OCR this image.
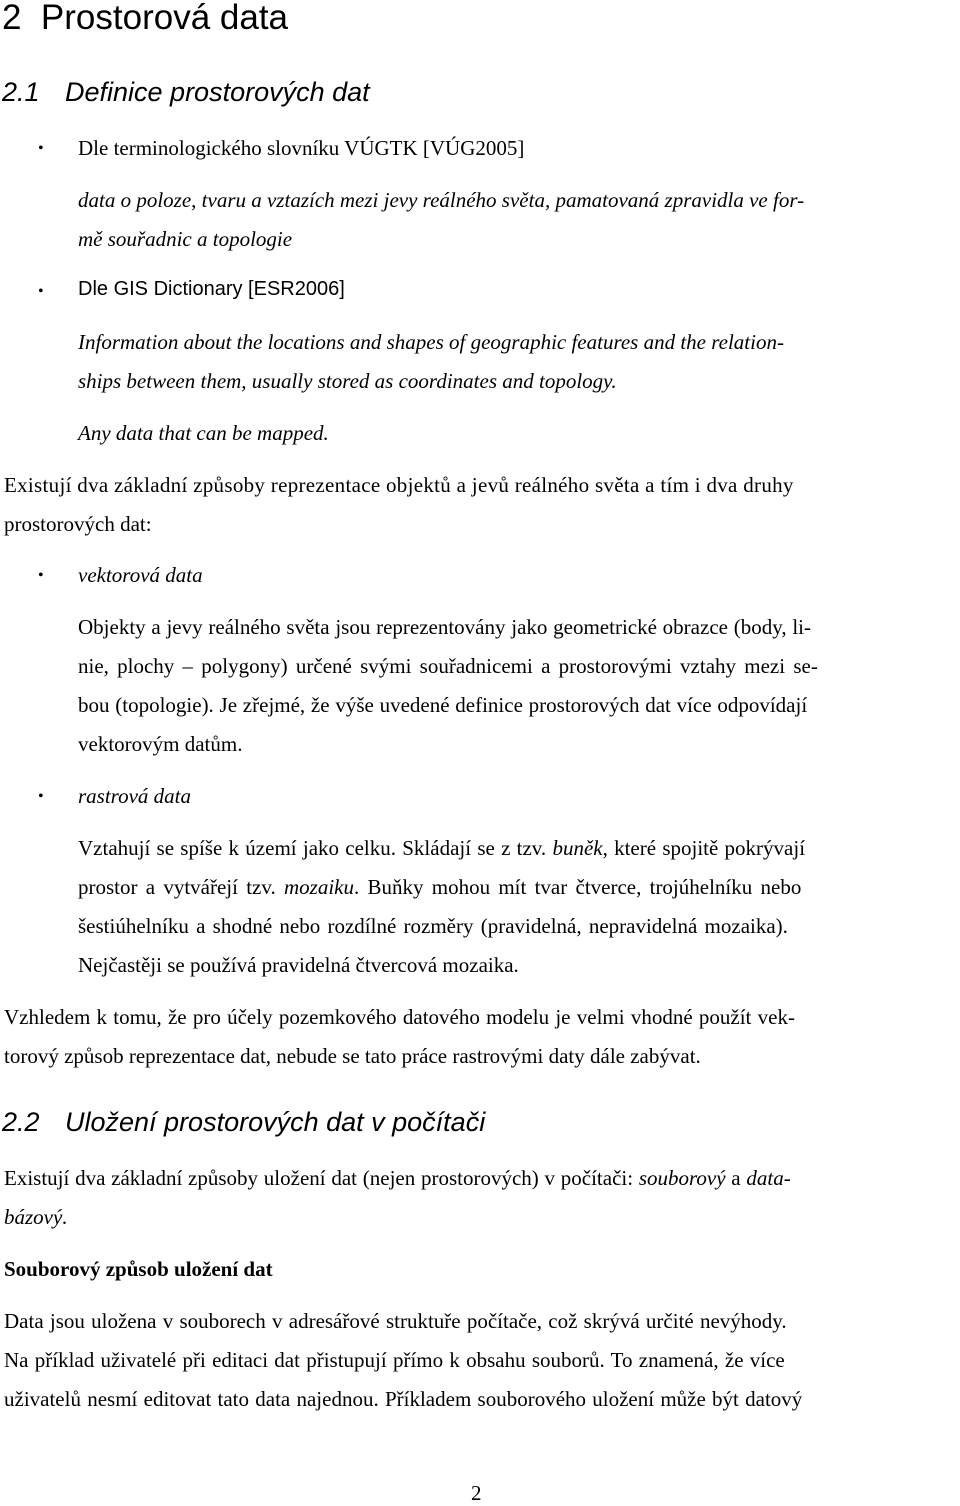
2 Prostorová data
2.1 Definice prostorových dat
• Dle terminologického slovníku VÚGTK [VÚG2005]
data o poloze, tvaru a vztazích mezi jevy reálného světa, pamatovaná zpravidla ve for-
mě souřadnic a topologie
• Dle GIS Dictionary [ESR2006]
Information about the locations and shapes of geographic features and the relation-
ships between them, usually stored as coordinates and topology.
Any data that can be mapped.
Existují dva základní způsoby reprezentace objektů a jevů reálného světa a tím i dva druhy
prostorových dat:
• vektorová data
Objekty a jevy reálného světa jsou reprezentovány jako geometrické obrazce (body, li-
nie, plochy – polygony) určené svými souřadnicemi a prostorovými vztahy mezi se-
bou (topologie). Je zřejmé, že výše uvedené definice prostorových dat více odpovídají
vektorovým datům.
• rastrová data
Vztahují se spíše k území jako celku. Skládají se z tzv. buněk, které spojitě pokrývají
prostor a vytvářejí tzv. mozaiku. Buňky mohou mít tvar čtverce, trojúhelníku nebo
šestiúhelníku a shodné nebo rozdílné rozměry (pravidelná, nepravidelná mozaika).
Nejčastěji se používá pravidelná čtvercová mozaika.
Vzhledem k tomu, že pro účely pozemkového datového modelu je velmi vhodné použít vek-
torový způsob reprezentace dat, nebude se tato práce rastrovými daty dále zabývat.
2.2 Uložení prostorových dat v počítači
Existují dva základní způsoby uložení dat (nejen prostorových) v počítači: souborový a data-
bázový.
Souborový způsob uložení dat
Data jsou uložena v souborech v adresářové struktuře počítače, což skrývá určité nevýhody.
Na příklad uživatelé při editaci dat přistupují přímo k obsahu souborů. To znamená, že více
uživatelů nesmí editovat tato data najednou. Příkladem souborového uložení může být datový
2
